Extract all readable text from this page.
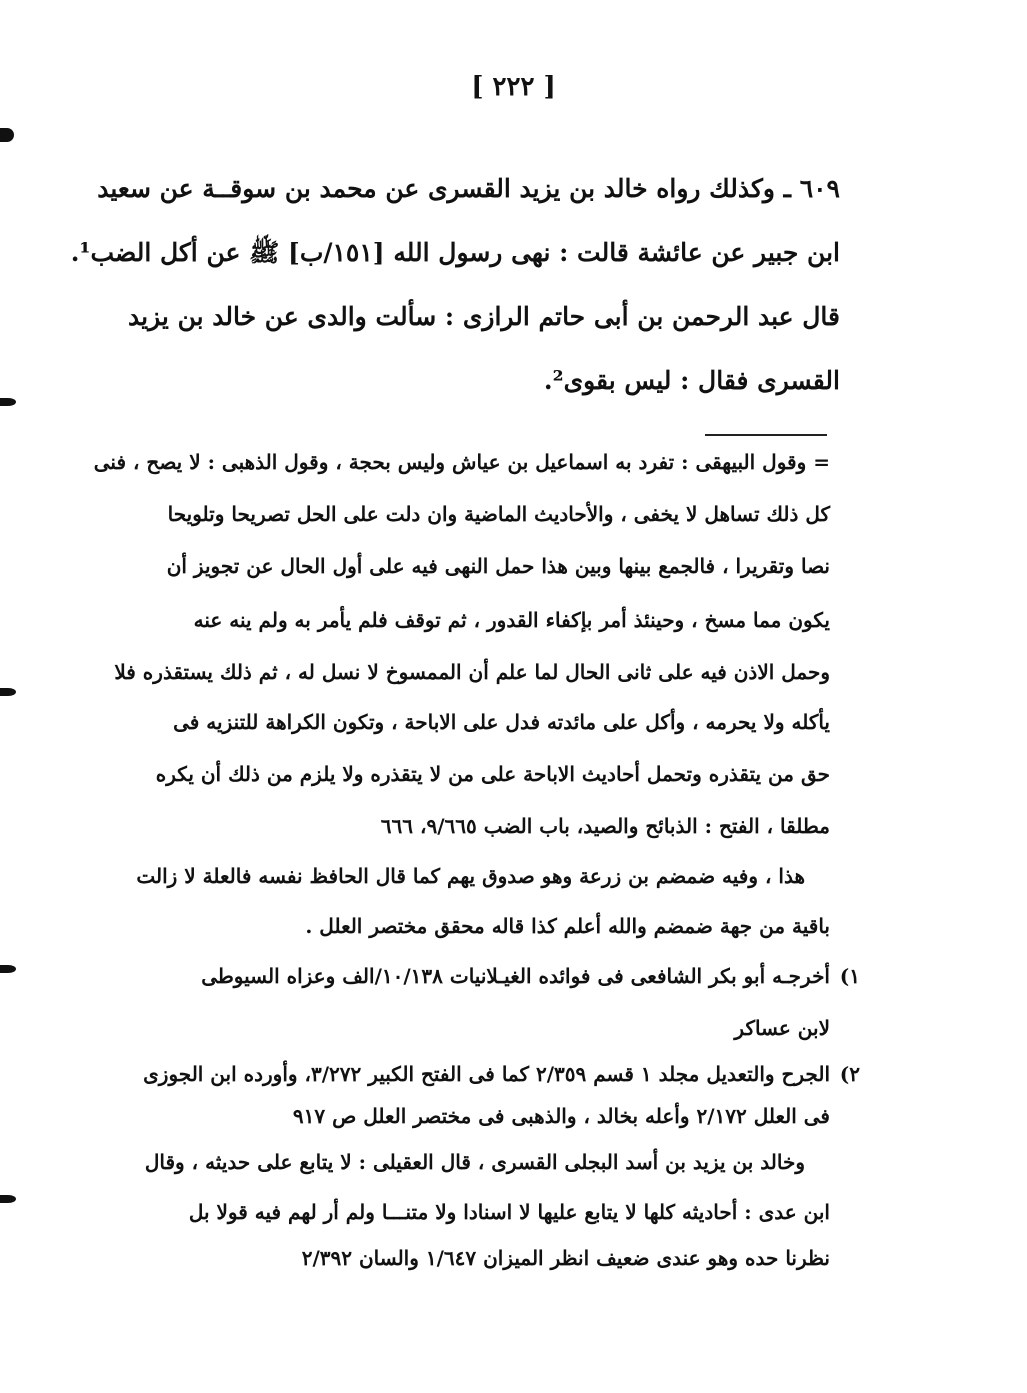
[ ٢٢٢ ]
٦٠٩ ـ وكذلك رواه خالد بن يزيد القسرى عن محمد بن سوقــة عن سعيد
ابن جبير عن عائشة قالت : نهى رسول الله [١٥١/ب] ﷺ عن أكل الضب¹.
قال عبد الرحمن بن أبى حاتم الرازى : سألت والدى عن خالد بن يزيد
القسرى فقال : ليس بقوى².
= وقول البيهقى : تفرد به اسماعيل بن عياش وليس بحجة ، وقول الذهبى : لا يصح ، فنى
كل ذلك تساهل لا يخفى ، والأحاديث الماضية وان دلت على الحل تصريحا وتلويحا
نصا وتقريرا ، فالجمع بينها وبين هذا حمل النهى فيه على أول الحال عن تجويز أن
يكون مما مسخ ، وحينئذ أمر بإكفاء القدور ، ثم توقف فلم يأمر به ولم ينه عنه
وحمل الاذن فيه على ثانى الحال لما علم أن الممسوخ لا نسل له ، ثم ذلك يستقذره فلا
يأكله ولا يحرمه ، وأكل على مائدته فدل على الاباحة ، وتكون الكراهة للتنزيه فى
حق من يتقذره وتحمل أحاديث الاباحة على من لا يتقذره ولا يلزم من ذلك أن يكره
مطلقا ، الفتح : الذبائح والصيد، باب الضب ٩/٦٦٥، ٦٦٦
هذا ، وفيه ضمضم بن زرعة وهو صدوق يهم كما قال الحافظ نفسه فالعلة لا زالت
باقية من جهة ضمضم والله أعلم كذا قاله محقق مختصر العلل .
١)
أخرجـه أبو بكر الشافعى فى فوائده الغيـلانيات ١٠/١٣٨/الف وعزاه السيوطى
لابن عساكر
٢)
الجرح والتعديل مجلد ١ قسم ٢/٣٥٩ كما فى الفتح الكبير ٣/٢٧٢، وأورده ابن الجوزى
فى العلل ٢/١٧٢ وأعله بخالد ، والذهبى فى مختصر العلل ص ٩١٧
وخالد بن يزيد بن أسد البجلى القسرى ، قال العقيلى : لا يتابع على حديثه ، وقال
ابن عدى : أحاديثه كلها لا يتابع عليها لا اسنادا ولا متنـــا ولم أر لهم فيه قولا بل
نظرنا حده وهو عندى ضعيف انظر الميزان ١/٦٤٧ والسان ٢/٣٩٢
